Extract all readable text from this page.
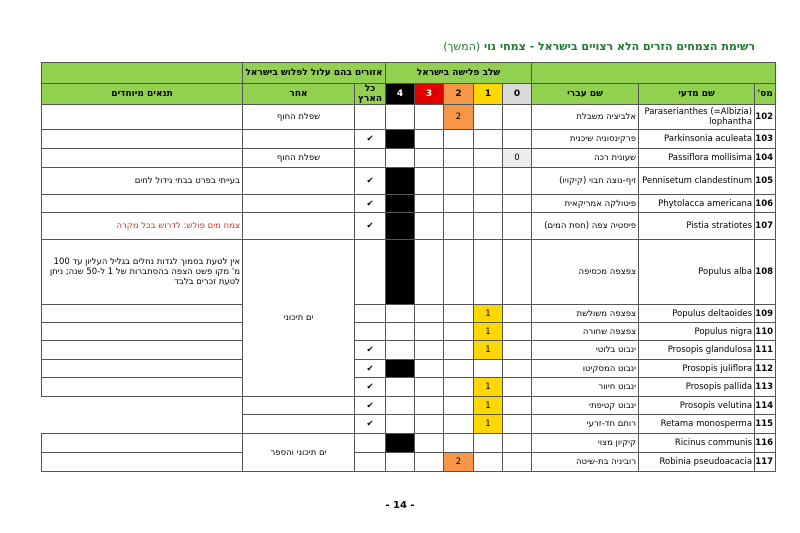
רשימת הצמחים הזרים הלא רצויים בישראל - צמחי נוי (המשך)
			שלב פלישה בישראל					אזורים בהם עלול לפלוש בישראל		
מס'	שם מדעי	שם עברי	0	1	2	3	4	כל הארץ	אחר	תנאים מיוחדים
102	Paraserianthes (=Albizia) lophantha	אלביציה משבלת			2				שפלת החוף	
103	Parkinsonia aculeata	פרקינסוניה שיכנית					4	✔		
104	Passiflora mollisima	שעונית רכה	0						שפלת החוף	
105	Pennisetum clandestinum	זיף-נוצה חבוי (קיקויו)					4	✔		בעייתי בפרט בבתי גידול לחים
106	Phytolacca americana	פיטולקה אמריקאית					4	✔		
107	Pistia stratiotes	פיסטיה צפה (חסת המים)					4	✔		צמח מים פולש: לדרוש בכל מקרה
108	Populus alba	צפצפה מכסיפה					4		ים תיכוני	אין לטעת בסמוך לגדות נחלים בגליל העליון עד 100 מ' מקו פשט הצפה בהסתברות של 1 ל-50 שנה; ניתן לטעת זכרים בלבד
109	Populus deltaoides	צפצפה משולשת		1						
110	Populus nigra	צפצפה שחורה		1						
111	Prosopis glandulosa	ינבוט בלוטי		1				✔		
112	Prosopis juliflora	ינבוט המסקיטו					4	✔		
113	Prosopis pallida	ינבוט חיוור		1				✔		
114	Prosopis velutina	ינבוט קטיפתי		1				✔		
115	Retama monosperma	רותם חד-זרעי		1				✔		
116	Ricinus communis	קיקיון מצוי					4		ים תיכוני והספר	
117	Robinia pseudoacacia	רוביניה בת-שיטה			2					
- 14 -
